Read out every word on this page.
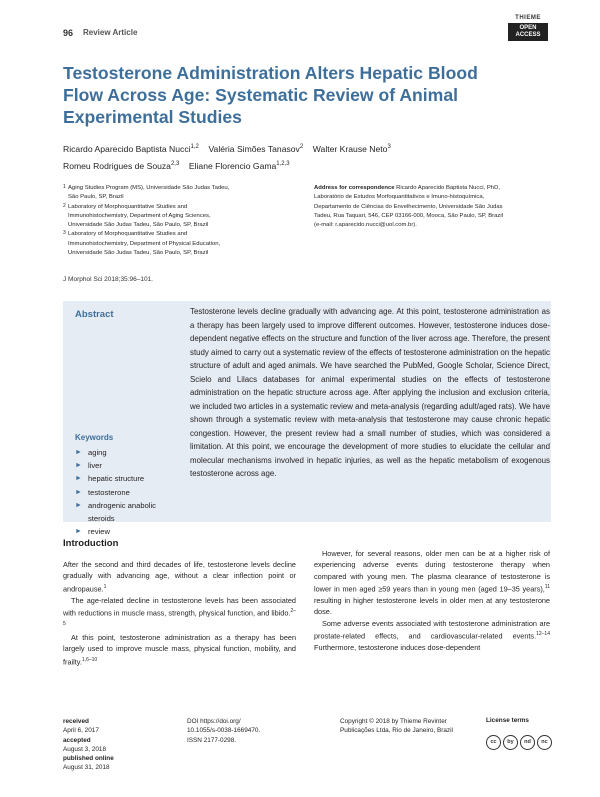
96 Review Article
THIEME
OPEN
ACCESS
Testosterone Administration Alters Hepatic Blood
Flow Across Age: Systematic Review of Animal
Experimental Studies
Ricardo Aparecido Baptista Nucci$^{1,2}$ Valéria Simões Tanasov$^2$ Walter Krause Neto$^3$
Romeu Rodrigues de Souza$^{2,3}$ Eliane Florencio Gama$^{1,2,3}$
1 Aging Studies Program (MS), Universidade São Judas Tadeu,
São Paulo, SP, Brazil
2 Laboratory of Morphoquantitative Studies and
Immunohistochemistry, Department of Aging Sciences,
Universidade São Judas Tadeu, São Paulo, SP, Brazil
3 Laboratory of Morphoquantitative Studies and
Immunohistochemistry, Department of Physical Education,
Universidade São Judas Tadeu, São Paulo, SP, Brazil
Address for correspondence Ricardo Aparecido Baptista Nucci, PhD,
Laboratório de Estudos Morfoquantitativos e Imuno-histoquímica,
Departamento de Ciências do Envelhecimento, Universidade São Judas
Tadeu, Rua Taquari, 546, CEP 03166-000, Mooca, São Paulo, SP, Brazil
(e-mail: r.aparecido.nucci@uol.com.br).
J Morphol Sci 2018;35:96–101.
Abstract	Testosterone levels decline gradually with advancing age. At this point, testosterone administration as a therapy has been largely used to improve different outcomes. However, testosterone induces dose-dependent negative effects on the structure and function of the liver across age. Therefore, the present study aimed to carry out a systematic review of the effects of testosterone administration on the hepatic structure of adult and aged animals. We have searched the PubMed, Google Scholar, Science Direct, Scielo and Lilacs databases for animal experimental studies on the effects of testosterone administration on the hepatic structure across age. After applying the inclusion and exclusion criteria, we included two articles in a systematic review and meta-analysis (regarding adult/aged rats). We have shown through a systematic review with meta-analysis that testosterone may cause chronic hepatic congestion. However, the present review had a small number of studies, which was considered a limitation. At this point, we encourage the development of more studies to elucidate the cellular and molecular mechanisms involved in hepatic injuries, as well as the hepatic metabolism of exogenous testosterone across age.
Keywords
► aging
► liver
► hepatic structure
► testosterone
► androgenic anabolic
steroids
► review
Introduction

After the second and third decades of life, testosterone levels decline gradually with advancing age, without a clear inflection point or andropause.$^1$

The age-related decline in testosterone levels has been associated with reductions in muscle mass, strength, physical function, and libido.$^{2-5}$

At this point, testosterone administration as a therapy has been largely used to improve muscle mass, physical function, mobility, and frailty.$^{1,6-10}$

However, for several reasons, older men can be at a higher risk of experiencing adverse events during testosterone therapy when compared with young men. The plasma clearance of testosterone is lower in men aged ≥59 years than in young men (aged 19–35 years),$^{11}$ resulting in higher testosterone levels in older men at any testosterone dose.

Some adverse events associated with testosterone administration are prostate-related effects, and cardiovascular-related events.$^{12-14}$ Furthermore, testosterone induces dose-dependent

received
April 6, 2017
accepted
August 3, 2018
published online
August 31, 2018
DOI https://doi.org/
10.1055/s-0038-1669470.
ISSN 2177-0298.
Copyright © 2018 by Thieme Revinter
Publicações Ltda, Rio de Janeiro, Brazil
License terms
cc by nd nc
